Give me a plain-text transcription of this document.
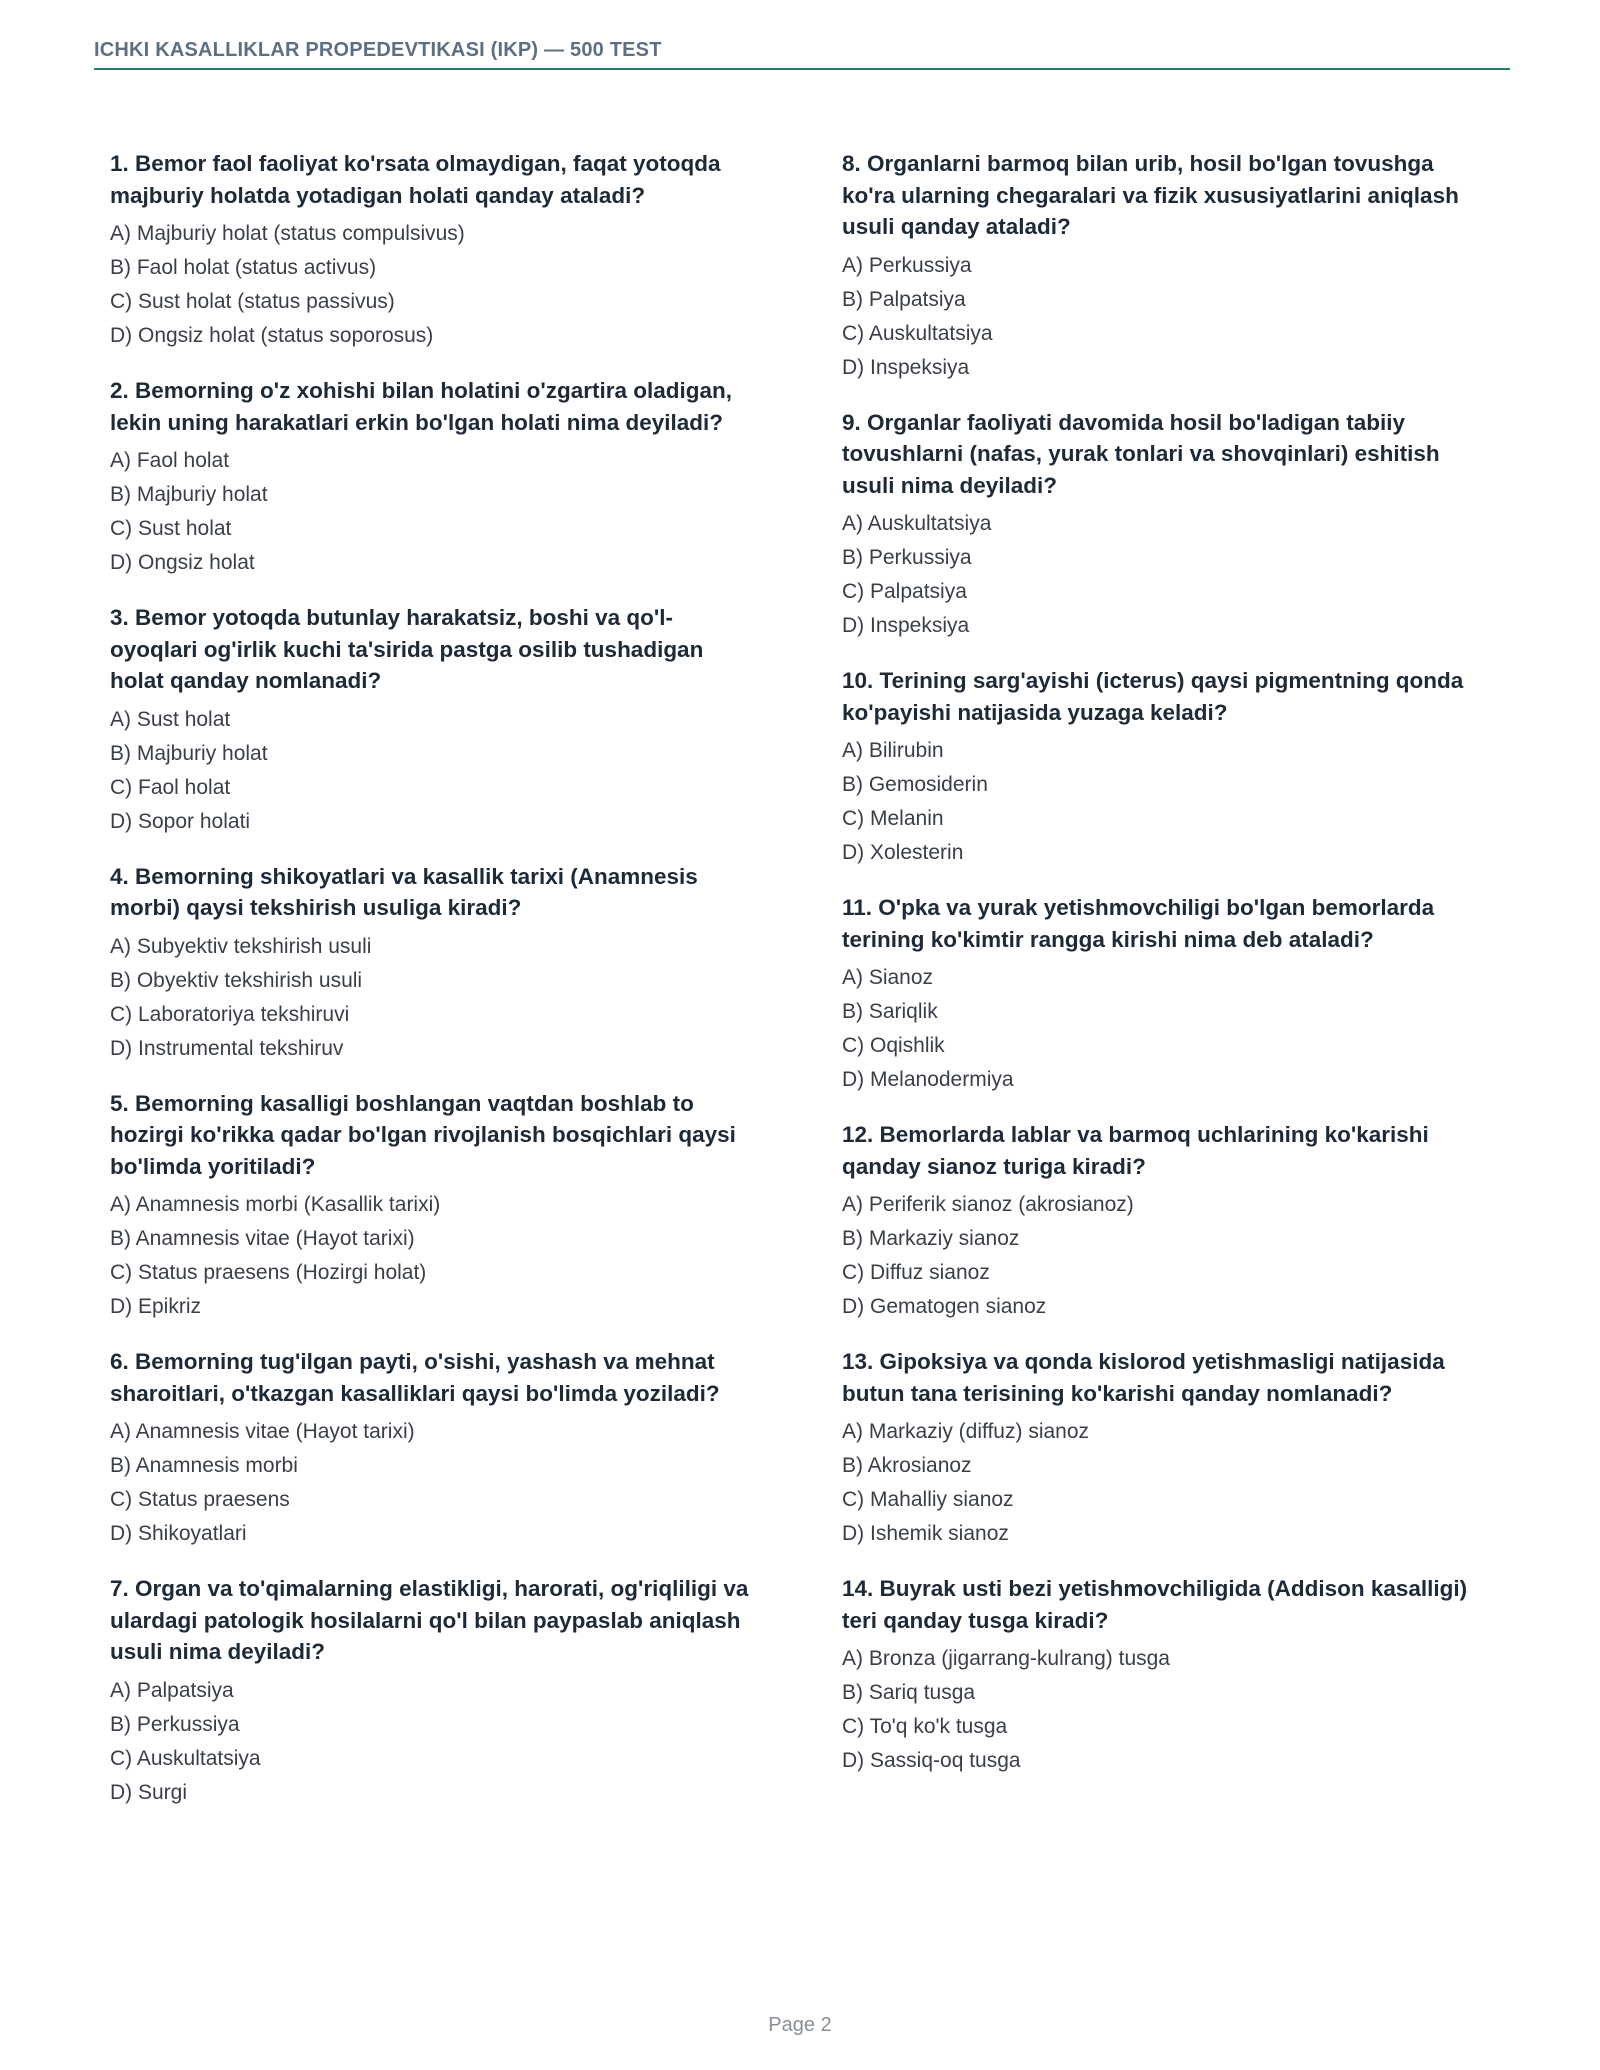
ICHKI KASALLIKLAR PROPEDEVTIKASI (IKP) — 500 TEST
1. Bemor faol faoliyat ko'rsata olmaydigan, faqat yotoqda majburiy holatda yotadigan holati qanday ataladi?
A) Majburiy holat (status compulsivus)
B) Faol holat (status activus)
C) Sust holat (status passivus)
D) Ongsiz holat (status soporosus)
2. Bemorning o'z xohishi bilan holatini o'zgartira oladigan, lekin uning harakatlari erkin bo'lgan holati nima deyiladi?
A) Faol holat
B) Majburiy holat
C) Sust holat
D) Ongsiz holat
3. Bemor yotoqda butunlay harakatsiz, boshi va qo'l-oyoqlari og'irlik kuchi ta'sirida pastga osilib tushadigan holat qanday nomlanadi?
A) Sust holat
B) Majburiy holat
C) Faol holat
D) Sopor holati
4. Bemorning shikoyatlari va kasallik tarixi (Anamnesis morbi) qaysi tekshirish usuliga kiradi?
A) Subyektiv tekshirish usuli
B) Obyektiv tekshirish usuli
C) Laboratoriya tekshiruvi
D) Instrumental tekshiruv
5. Bemorning kasalligi boshlangan vaqtdan boshlab to hozirgi ko'rikka qadar bo'lgan rivojlanish bosqichlari qaysi bo'limda yoritiladi?
A) Anamnesis morbi (Kasallik tarixi)
B) Anamnesis vitae (Hayot tarixi)
C) Status praesens (Hozirgi holat)
D) Epikriz
6. Bemorning tug'ilgan payti, o'sishi, yashash va mehnat sharoitlari, o'tkazgan kasalliklari qaysi bo'limda yoziladi?
A) Anamnesis vitae (Hayot tarixi)
B) Anamnesis morbi
C) Status praesens
D) Shikoyatlari
7. Organ va to'qimalarning elastikligi, harorati, og'riqliligi va ulardagi patologik hosilalarni qo'l bilan paypaslab aniqlash usuli nima deyiladi?
A) Palpatsiya
B) Perkussiya
C) Auskultatsiya
D) Surgi
8. Organlarni barmoq bilan urib, hosil bo'lgan tovushga ko'ra ularning chegaralari va fizik xususiyatlarini aniqlash usuli qanday ataladi?
A) Perkussiya
B) Palpatsiya
C) Auskultatsiya
D) Inspeksiya
9. Organlar faoliyati davomida hosil bo'ladigan tabiiy tovushlarni (nafas, yurak tonlari va shovqinlari) eshitish usuli nima deyiladi?
A) Auskultatsiya
B) Perkussiya
C) Palpatsiya
D) Inspeksiya
10. Terining sarg'ayishi (icterus) qaysi pigmentning qonda ko'payishi natijasida yuzaga keladi?
A) Bilirubin
B) Gemosiderin
C) Melanin
D) Xolesterin
11. O'pka va yurak yetishmovchiligi bo'lgan bemorlarda terining ko'kimtir rangga kirishi nima deb ataladi?
A) Sianoz
B) Sariqlik
C) Oqishlik
D) Melanodermiya
12. Bemorlarda lablar va barmoq uchlarining ko'karishi qanday sianoz turiga kiradi?
A) Periferik sianoz (akrosianoz)
B) Markaziy sianoz
C) Diffuz sianoz
D) Gematogen sianoz
13. Gipoksiya va qonda kislorod yetishmasligi natijasida butun tana terisining ko'karishi qanday nomlanadi?
A) Markaziy (diffuz) sianoz
B) Akrosianoz
C) Mahalliy sianoz
D) Ishemik sianoz
14. Buyrak usti bezi yetishmovchiligida (Addison kasalligi) teri qanday tusga kiradi?
A) Bronza (jigarrang-kulrang) tusga
B) Sariq tusga
C) To'q ko'k tusga
D) Sassiq-oq tusga
Page 2
